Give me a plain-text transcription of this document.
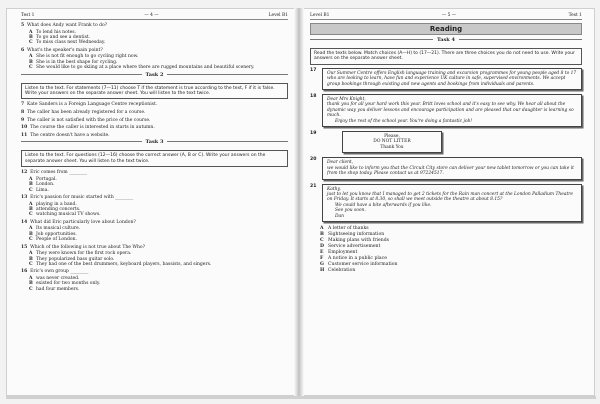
Test 1	— 4 —	Level B1
5 What does Andy want Frank to do?
A To lend his notes.
B To go and see a dentist.
C To miss class next Wednesday.
6 What's the speaker's main point?
A She is not fit enough to go cycling right now.
B She is in the best shape for cycling.
C She would like to go skiing at a place where there are rugged mountains and beautiful scenery.
Task 2
Listen to the text. For statements (7—11) choose T if the statement is true according to the text, F if it is false. Write your answers on the separate answer sheet. You will listen to the text twice.
7 Kate Sanders is a Foreign Language Centre receptionist.
8 The caller has been already registered for a course.
9 The caller is not satisfied with the price of the course.
10 The course the caller is interested in starts in autumn.
11 The centre doesn't have a website.
Task 3
Listen to the text. For questions (12—16) choose the correct answer (A, B or C). Write your answers on the separate answer sheet. You will listen to the text twice.
12 Eric comes from ________
A Portugal.
B London.
C Lima.
13 Eric's passion for music started with ________
A playing in a band.
B attending concerts.
C watching musical TV shows.
14 What did Eric particularly love about London?
A Its musical culture.
B Job opportunities.
C People of London.
15 Which of the following is not true about The Who?
A They were known for the first rock opera.
B They popularized bass guitar solo.
C They had one of the best drummers, keyboard players, bassists, and singers.
16 Eric's own group ________
A was never created.
B existed for two months only.
C had four members.
Level B1	— 5 —	Test 1
Reading
Task 4
Read the texts below. Match choices (A—H) to (17—21). There are three choices you do not need to use. Write your answers on the separate answer sheet.
17

Our Summer Centre offers English language training and excursion programmes for young people aged 8 to 17 who are looking to learn, have fun and experience UK culture in safe, supervised environments. We accept group bookings through existing and new agents and bookings from individuals and parents.

18

Dear Mrs Knight,

thank you for all your hard work this year. Britt loves school and it's easy to see why. We hear all about the dynamic way you deliver lessons and encourage participation and are pleased that our daughter is learning so much.

Enjoy the rest of the school year. You're doing a fantastic job!

19

Please,

DO NOT LITTER

Thank You

20

Dear client,

we would like to inform you that the Circuit City store can deliver your new tablet tomorrow or you can take it from the shop today. Please contact us at 97224517.

21

Kathy,

just to let you know that I managed to get 2 tickets for the Rain man concert at the London Palladium Theatre on Friday. It starts at 8.30, so shall we meet outside the theatre at about 8.15?

We could have a bite afterwards if you like.

See you soon.

Dan

A A letter of thanks
B Sightseeing information
C Making plans with friends
D Service advertisement
E Employment
F	A notice in a public place
G Customer service information
H Celebration
